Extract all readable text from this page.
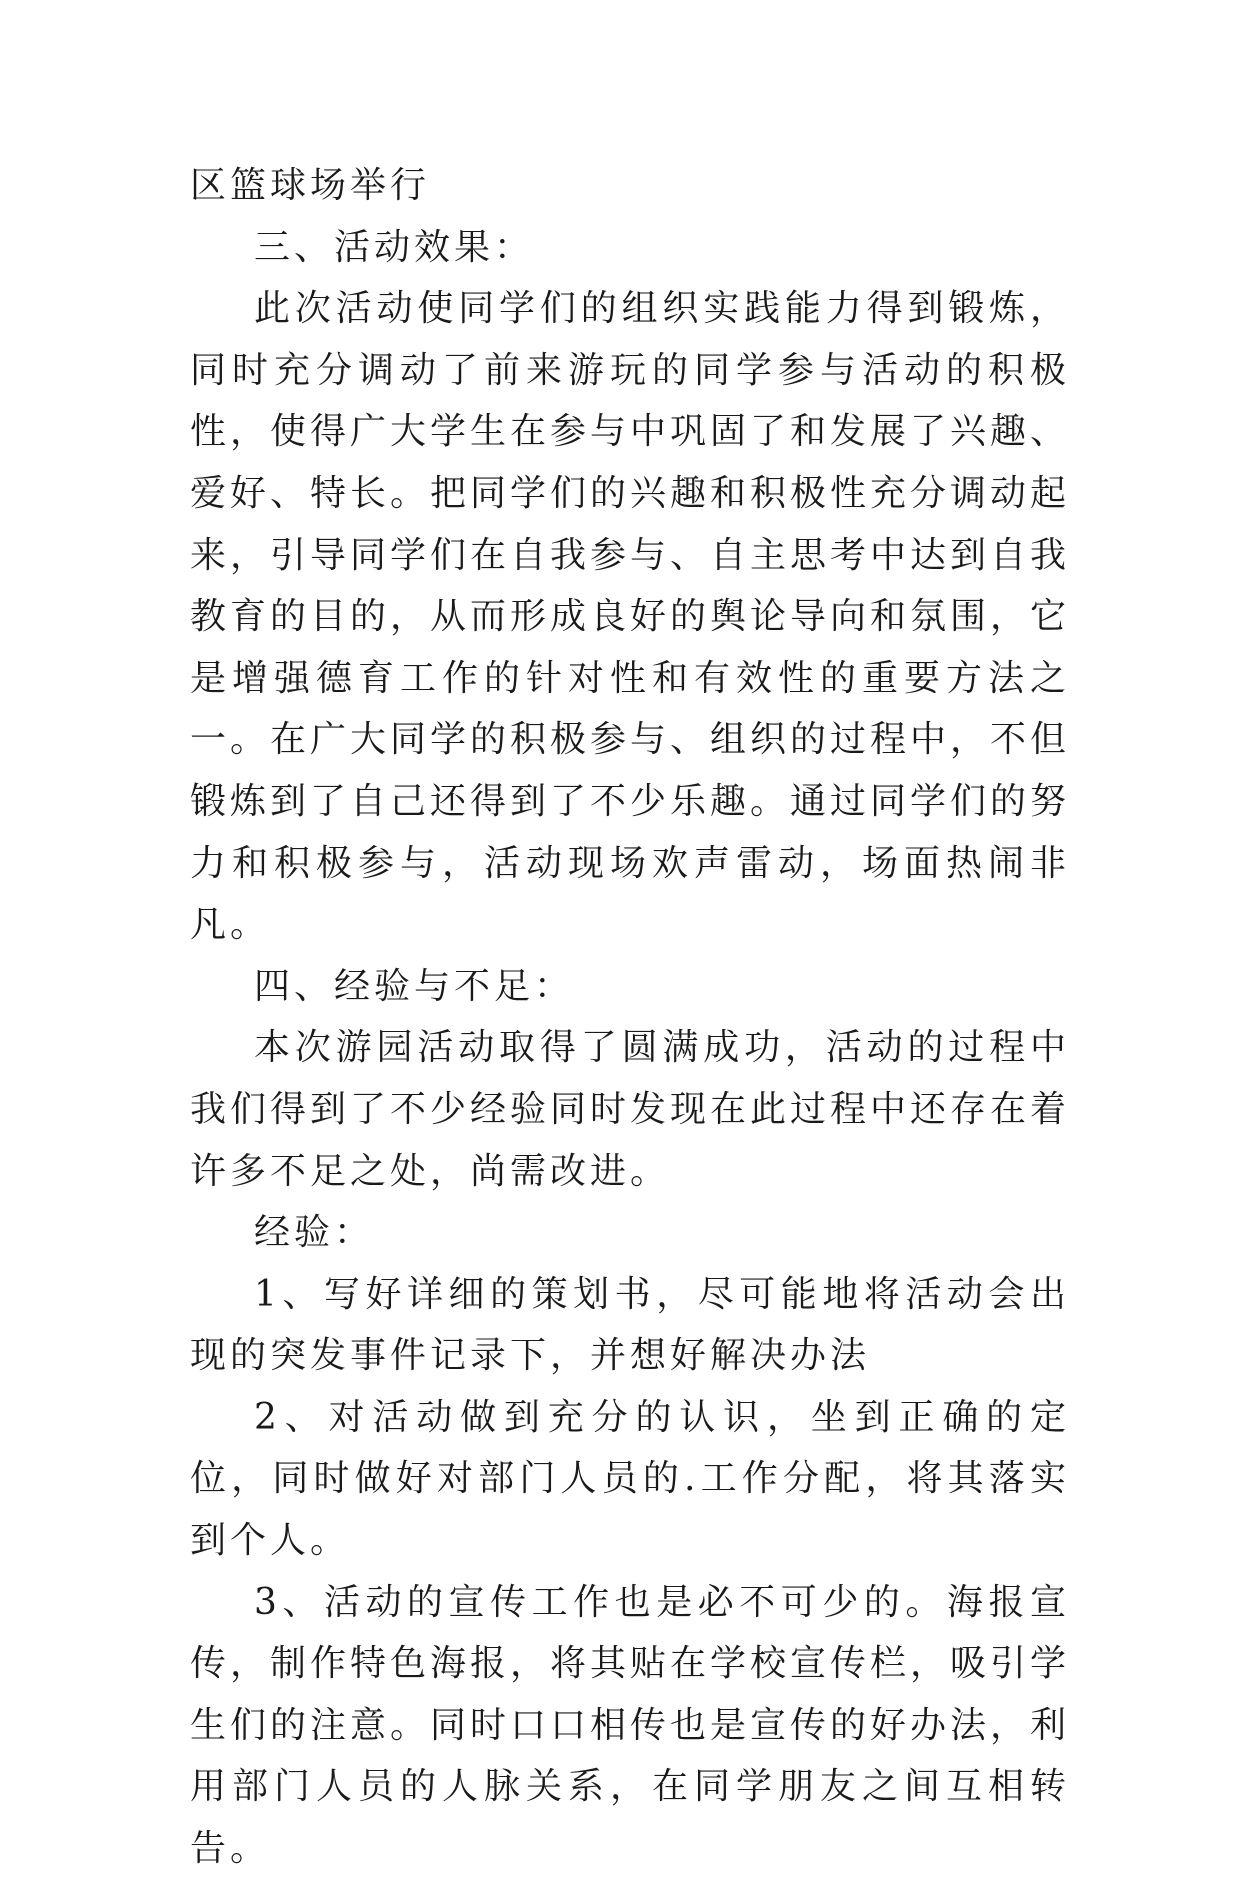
区篮球场举行

三、活动效果：

此次活动使同学们的组织实践能力得到锻炼，同时充分调动了前来游玩的同学参与活动的积极性，使得广大学生在参与中巩固了和发展了兴趣、爱好、特长。把同学们的兴趣和积极性充分调动起来，引导同学们在自我参与、自主思考中达到自我教育的目的，从而形成良好的舆论导向和氛围，它是增强德育工作的针对性和有效性的重要方法之一。在广大同学的积极参与、组织的过程中，不但锻炼到了自己还得到了不少乐趣。通过同学们的努力和积极参与，活动现场欢声雷动，场面热闹非凡。

四、经验与不足：

本次游园活动取得了圆满成功，活动的过程中我们得到了不少经验同时发现在此过程中还存在着许多不足之处，尚需改进。

经验：

1、写好详细的策划书，尽可能地将活动会出现的突发事件记录下，并想好解决办法

2、对活动做到充分的认识，坐到正确的定位，同时做好对部门人员的.工作分配，将其落实到个人。

3、活动的宣传工作也是必不可少的。海报宣传，制作特色海报，将其贴在学校宣传栏，吸引学生们的注意。同时口口相传也是宣传的好办法，利用部门人员的人脉关系，在同学朋友之间互相转告。
